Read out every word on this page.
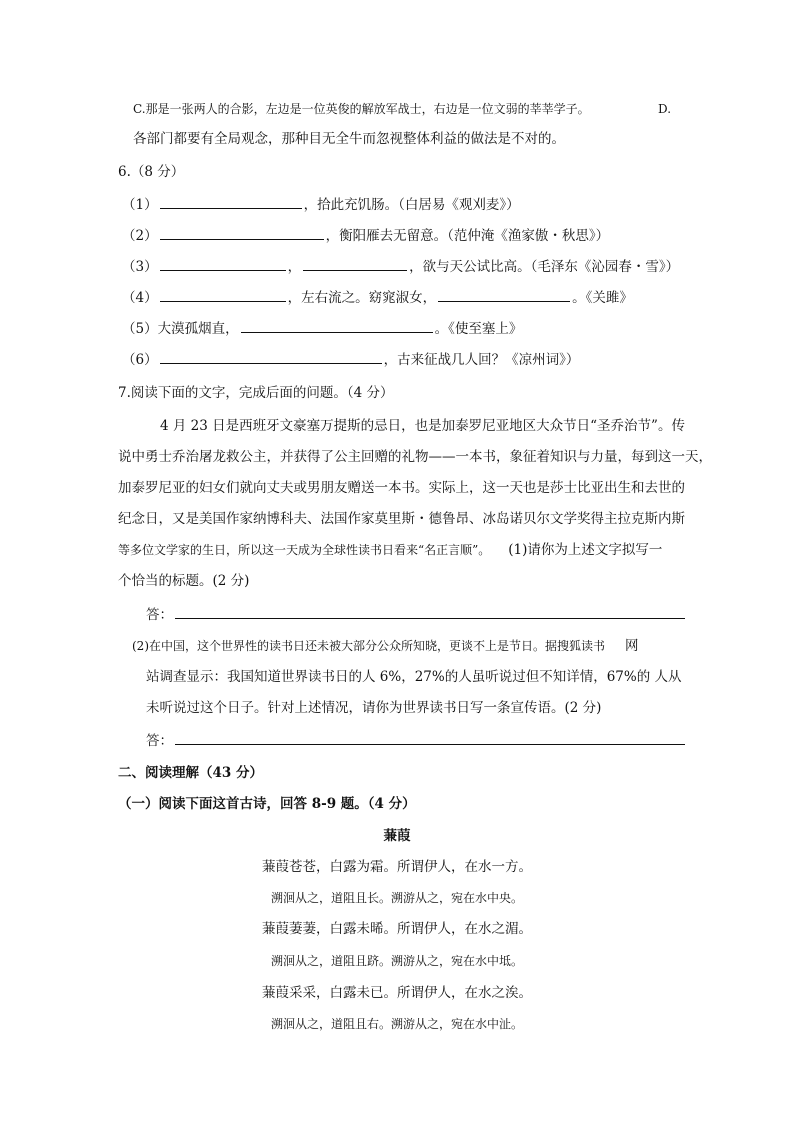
C.那是一张两人的合影，左边是一位英俊的解放军战士，右边是一位文弱的莘莘学子。	D.
各部门都要有全局观念，那种目无全牛而忽视整体利益的做法是不对的。
6.（8 分）
（1）	，拾此充饥肠。（白居易《观刈麦》）
（2）	，衡阳雁去无留意。（范仲淹《渔家傲・秋思》）
（3）	，	，欲与天公试比高。（毛泽东《沁园春・雪》）
（4）	，左右流之。窈窕淑女，	。《关雎》
（5）大漠孤烟直，	。《使至塞上》
（6）	，古来征战几人回？《凉州词》）
7.阅读下面的文字，完成后面的问题。（4 分）
4 月 23 日是西班牙文豪塞万提斯的忌日，也是加泰罗尼亚地区大众节日“圣乔治节”。传
说中勇士乔治屠龙救公主，并获得了公主回赠的礼物——一本书，象征着知识与力量，每到这一天，
加泰罗尼亚的妇女们就向丈夫或男朋友赠送一本书。实际上，这一天也是莎士比亚出生和去世的
纪念日，又是美国作家纳博科夫、法国作家莫里斯・德鲁昂、冰岛诺贝尔文学奖得主拉克斯内斯
等多位文学家的生日，所以这一天成为全球性读书日看来“名正言顺”。 (1)请你为上述文字拟写一
个恰当的标题。(2 分)
答：
(2)在中国，这个世界性的读书日还未被大部分公众所知晓，更谈不上是节日。据搜狐读书 网
站调查显示：我国知道世界读书日的人 6%，27%的人虽听说过但不知详情，67%的 人从
未听说过这个日子。针对上述情况，请你为世界读书日写一条宣传语。(2 分)
答：
二、阅读理解（43 分）
（一）阅读下面这首古诗，回答 8-9 题。（4 分）
蒹葭
蒹葭苍苍，白露为霜。所谓伊人，在水一方。
溯洄从之，道阻且长。溯游从之，宛在水中央。
蒹葭萋萋，白露未晞。所谓伊人，在水之湄。
溯洄从之，道阻且跻。溯游从之，宛在水中坻。
蒹葭采采，白露未已。所谓伊人，在水之涘。
溯洄从之，道阻且右。溯游从之，宛在水中沚。
